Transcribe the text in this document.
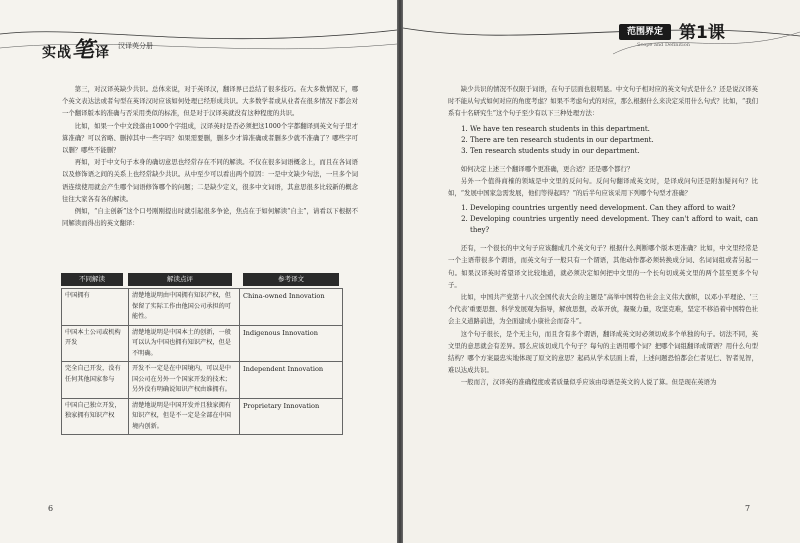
实战笔译 汉译英分册

第三，对汉译英缺少共识。总体来说，对于英译汉，翻译界已总结了很多技巧。在大多数情况下，哪个英文表达法或者句型在英译汉时应该如何处理已经形成共识。大多数学者或从业者在很多情况下都会对一个翻译版本的准确与否采用类似的标准，但是对于汉译英就没有这种程度的共识。

比如，如果一个中文段落由1000个字组成，汉译英时是否必须把这1000个字都翻译到英文句子里才算准确？可以省略、删掉其中一些字吗？如果需要删，删多少才算准确或者删多少就不准确了？哪些字可以删？哪些不能删？

再如，对于中文句子本身的确切意思也经常存在不同的解读。不仅在很多词语概念上，而且在各词语以及修饰语之间的关系上也经常缺少共识。从中至少可以看出两个原因：一是中文缺少句法，一旦多个词语连续使用就会产生哪个词语修饰哪个的问题；二是缺少定义，很多中文词语，其意思很多比较新的概念往往大家各有各的解读。

例如，“自主创新”这个口号刚刚提出时就引起很多争论，焦点在于如何解读“自主”，请看以下根据不同解读而得出的英文翻译：

不同解读	解读点评	参考译文
中国拥有	清楚地说明由中国拥有知识产权，但保留了实际工作由他国公司承担的可能性。	China-owned Innovation
中国本土公司或机构开发	清楚地说明是中国本土的创新，一般可以认为中国也拥有知识产权，但是不明确。	Indigenous Innovation
完全自己开发，没有任何其他国家参与	开发不一定是在中国境内，可以是中国公司在另外一个国家开发的技术；另外没有明确说知识产权由谁拥有。	Independent Innovation
中国自己独立开发，独家拥有知识产权	清楚地说明是中国开发并且独家拥有知识产权，但是不一定是全部在中国境内创新。	Proprietary Innovation
6
范围界定 第1课
Scope and Definition

缺少共识的情况不仅限于词语，在句子层面也很明显。中文句子相对应的英文句式是什么？还是说汉译英时不能从句式如何对应的角度考虑？如果不考虑句式的对应，那么根据什么来决定采用什么句式？比如，“我们系有十名研究生”这个句子至少有以下三种处理方法：

1. We have ten research students in this department.
2. There are ten research students in our department.
3. Ten research students study in our department.

如何决定上述三个翻译哪个更准确，更合适？还是哪个都行？

另外一个值得商榷的领域是中文里的反问句。反问句翻译成英文时，是译成问句还是附加疑问句？比如，“发展中国家急需发展，他们等得起吗？”的后半句应该采用下列哪个句型才准确？

1. Developing countries urgently need development. Can they afford to wait?
2. Developing countries urgently need development. They can't afford to wait, can they?

还有，一个很长的中文句子应该翻成几个英文句子？根据什么判断哪个版本更准确？比如，中文里经常是一个主语带很多个谓语，而英文句子一般只有一个谓语，其他动作都必须转换成分词、名词词组或者另起一句。如果汉译英时希望译文比较地道，就必须决定如何把中文里的一个长句切成英文里的两个甚至更多个句子。

比如，中国共产党第十八次全国代表大会的主题是“高举中国特色社会主义伟大旗帜，以邓小平理论、‘三个代表’重要思想、科学发展观为指导，解放思想，改革开放，凝聚力量，攻坚克难，坚定不移沿着中国特色社会主义道路前进，为全面建成小康社会而奋斗”。

这个句子很长，是个无主句，而且含有多个谓语，翻译成英文时必须切成多个单独的句子。切法不同，英文里的意思就会有差异。那么应该切成几个句子？每句的主语用哪个词？把哪个词组翻译成谓语？用什么句型结构？哪个方案最忠实地体现了原文的意思？起码从学术层面上看，上述问题恐怕都会仁者见仁、智者见智，难以达成共识。

一般而言，汉译英的准确程度或者质量似乎应该由母语是英文的人说了算。但是现在英语为

7
